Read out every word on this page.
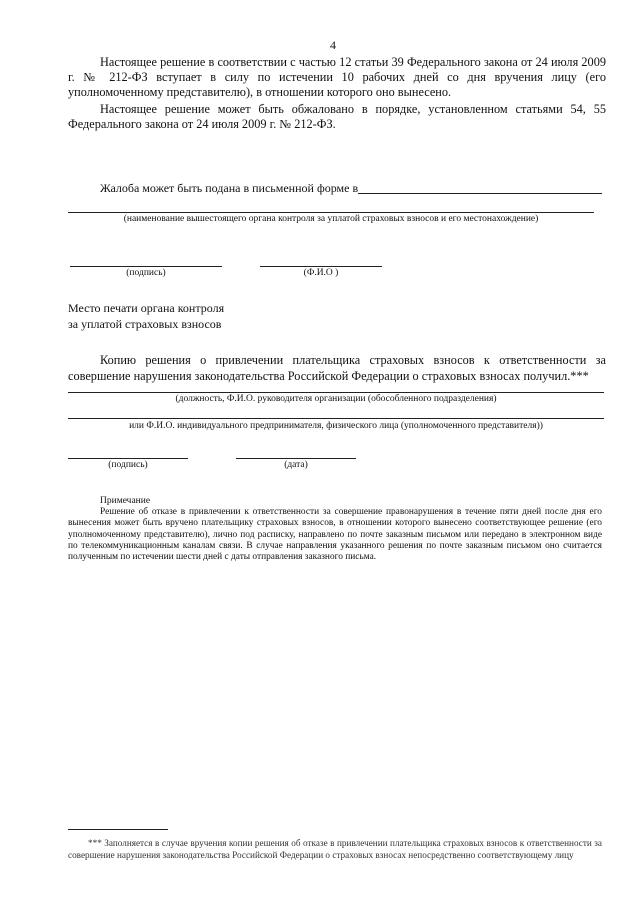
4
Настоящее решение в соответствии с частью 12 статьи 39 Федерального закона от 24 июля 2009 г. № 212-ФЗ вступает в силу по истечении 10 рабочих дней со дня вручения лицу (его уполномоченному представителю), в отношении которого оно вынесено.
Настоящее решение может быть обжаловано в порядке, установленном статьями 54, 55 Федерального закона от 24 июля 2009 г. № 212-ФЗ.
Жалоба может быть подана в письменной форме в
(наименование вышестоящего органа контроля за уплатой страховых взносов и его местонахождение)
(подпись)	(Ф.И.О )
Место печати органа контроля
за уплатой страховых взносов
Копию решения о привлечении плательщика страховых взносов к ответственности за совершение нарушения законодательства Российской Федерации о страховых взносах получил.***
(должность, Ф.И.О. руководителя организации (обособленного подразделения)
или Ф.И.О. индивидуального предпринимателя, физического лица (уполномоченного представителя))
(подпись)	(дата)
Примечание
Решение об отказе в привлечении к ответственности за совершение правонарушения в течение пяти дней после дня его вынесения может быть вручено плательщику страховых взносов, в отношении которого вынесено соответствующее решение (его уполномоченному представителю), лично под расписку, направлено по почте заказным письмом или передано в электронном виде по телекоммуникационным каналам связи. В случае направления указанного решения по почте заказным письмом оно считается полученным по истечении шести дней с даты отправления заказного письма.
*** Заполняется в случае вручения копии решения об отказе в привлечении плательщика страховых взносов к ответственности за совершение нарушения законодательства Российской Федерации о страховых взносах непосредственно соответствующему лицу
